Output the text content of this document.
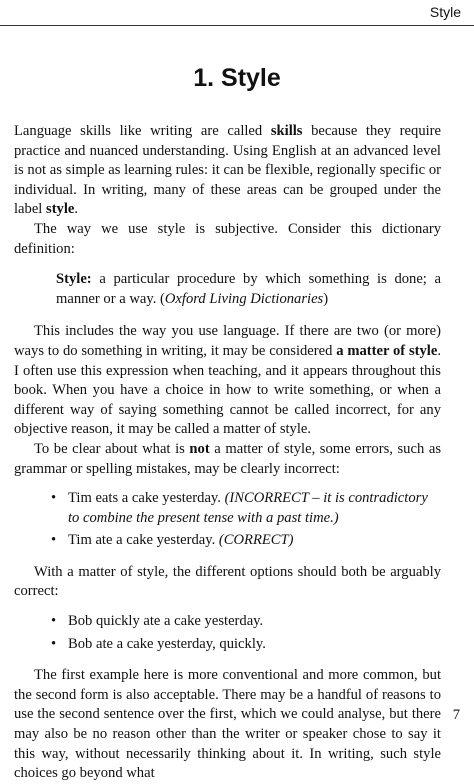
Style
1. Style

Language skills like writing are called skills because they require practice and nuanced understanding. Using English at an advanced level is not as simple as learning rules: it can be flexible, regionally specific or individual. In writing, many of these areas can be grouped under the label style.

The way we use style is subjective. Consider this dictionary definition:

Style: a particular procedure by which something is done; a manner or a way. (Oxford Living Dictionaries)

This includes the way you use language. If there are two (or more) ways to do something in writing, it may be considered a matter of style. I often use this expression when teaching, and it appears throughout this book. When you have a choice in how to write something, or when a different way of saying something cannot be called incorrect, for any objective reason, it may be called a matter of style.

To be clear about what is not a matter of style, some errors, such as grammar or spelling mistakes, may be clearly incorrect:

• Tim eats a cake yesterday. (INCORRECT – it is contradictory to combine the present tense with a past time.)
• Tim ate a cake yesterday. (CORRECT)

With a matter of style, the different options should both be arguably correct:

• Bob quickly ate a cake yesterday.
• Bob ate a cake yesterday, quickly.

The first example here is more conventional and more common, but the second form is also acceptable. There may be a handful of reasons to use the second sentence over the first, which we could analyse, but there may also be no reason other than the writer or speaker chose to say it this way, without necessarily thinking about it. In writing, such style choices go beyond what

7
